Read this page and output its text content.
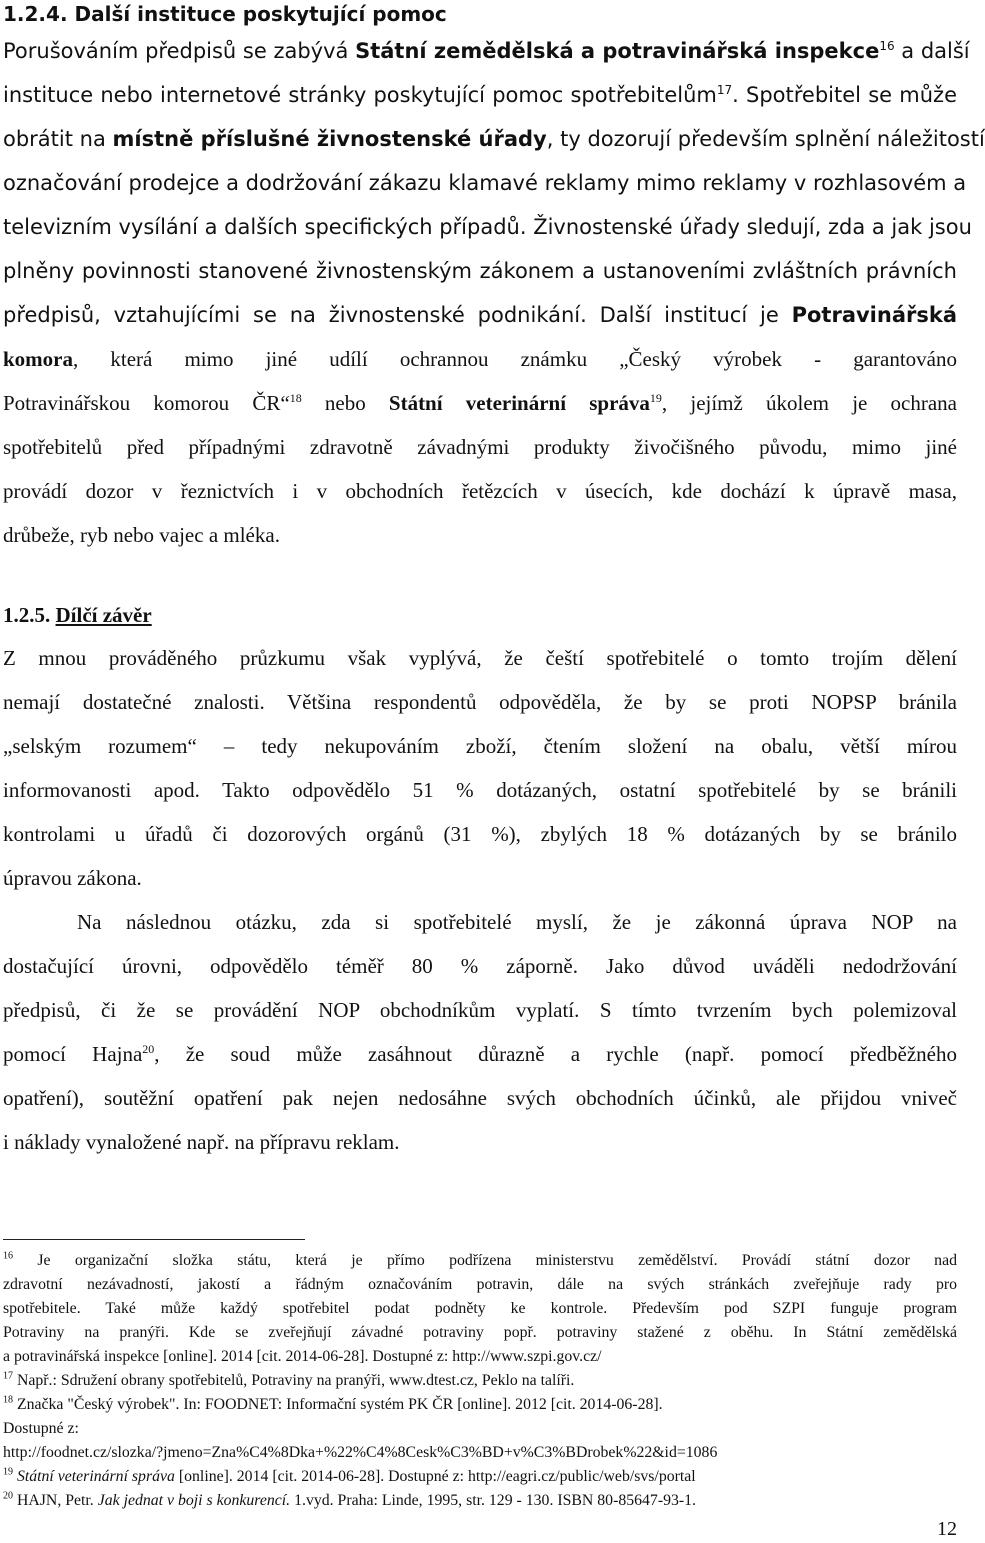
1.2.4. Další instituce poskytující pomoc
Porušováním předpisů se zabývá Státní zemědělská a potravinářská inspekce$^{16}$ a další
instituce nebo internetové stránky poskytující pomoc spotřebitelům$^{17}$. Spotřebitel se může
obrátit na místně příslušné živnostenské úřady, ty dozorují především splnění náležitostí
označování prodejce a dodržování zákazu klamavé reklamy mimo reklamy v rozhlasovém a
televizním vysílání a dalších specifických případů. Živnostenské úřady sledují, zda a jak jsou
plněny povinnosti stanovené živnostenským zákonem a ustanoveními zvláštních právních
předpisů, vztahujícími se na živnostenské podnikání. Další institucí je Potravinářská
komora, která mimo jiné udílí ochrannou známku „Český výrobek - garantováno
Potravinářskou komorou ČR“$^{18}$ nebo Státní veterinární správa$^{19}$, jejímž úkolem je ochrana
spotřebitelů před případnými zdravotně závadnými produkty živočišného původu, mimo jiné
provádí dozor v řeznictvích i v obchodních řetězcích v úsecích, kde dochází k úpravě masa,
drůbeže, ryb nebo vajec a mléka.
1.2.5. Dílčí závěr
Z mnou prováděného průzkumu však vyplývá, že čeští spotřebitelé o tomto trojím dělení
nemají dostatečné znalosti. Většina respondentů odpověděla, že by se proti NOPSP bránila
„selským rozumem“ – tedy nekupováním zboží, čtením složení na obalu, větší mírou
informovanosti apod. Takto odpovědělo 51 % dotázaných, ostatní spotřebitelé by se bránili
kontrolami u úřadů či dozorových orgánů (31 %), zbylých 18 % dotázaných by se bránilo
úpravou zákona.
Na následnou otázku, zda si spotřebitelé myslí, že je zákonná úprava NOP na
dostačující úrovni, odpovědělo téměř 80 % záporně. Jako důvod uváděli nedodržování
předpisů, či že se provádění NOP obchodníkům vyplatí. S tímto tvrzením bych polemizoval
pomocí Hajna$^{20}$, že soud může zasáhnout důrazně a rychle (např. pomocí předběžného
opatření), soutěžní opatření pak nejen nedosáhne svých obchodních účinků, ale přijdou vniveč
i náklady vynaložené např. na přípravu reklam.
$^{16}$ Je organizační složka státu, která je přímo podřízena ministerstvu zemědělství. Provádí státní dozor nad
zdravotní nezávadností, jakostí a řádným označováním potravin, dále na svých stránkách zveřejňuje rady pro
spotřebitele. Také může každý spotřebitel podat podněty ke kontrole. Především pod SZPI funguje program
Potraviny na pranýři. Kde se zveřejňují závadné potraviny popř. potraviny stažené z oběhu. In Státní zemědělská
a potravinářská inspekce [online]. 2014 [cit. 2014-06-28]. Dostupné z: http://www.szpi.gov.cz/
$^{17}$ Např.: Sdružení obrany spotřebitelů, Potraviny na pranýři, www.dtest.cz, Peklo na talíři.
$^{18}$ Značka "Český výrobek". In: FOODNET: Informační systém PK ČR [online]. 2012 [cit. 2014-06-28].
Dostupné z:
http://foodnet.cz/slozka/?jmeno=Zna%C4%8Dka+%22%C4%8Cesk%C3%BD+v%C3%BDrobek%22&id=1086
$^{19}$ Státní veterinární správa [online]. 2014 [cit. 2014-06-28]. Dostupné z: http://eagri.cz/public/web/svs/portal
$^{20}$ HAJN, Petr. Jak jednat v boji s konkurencí. 1.vyd. Praha: Linde, 1995, str. 129 - 130. ISBN 80-85647-93-1.
12
